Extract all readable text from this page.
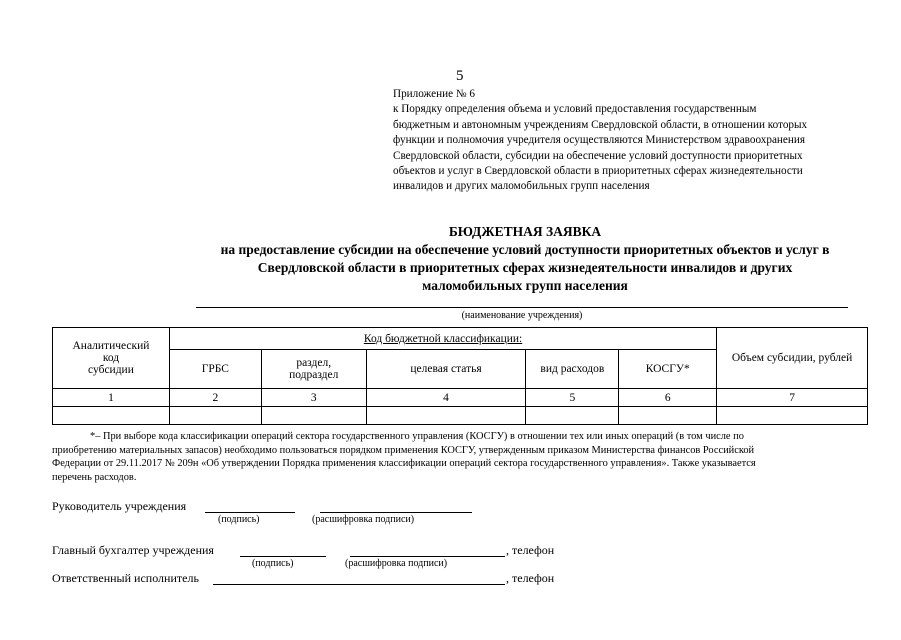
5
Приложение № 6
к Порядку определения объема и условий предоставления государственным
бюджетным и автономным учреждениям Свердловской области, в отношении которых
функции и полномочия учредителя осуществляются Министерством здравоохранения
Свердловской области, субсидии на обеспечение условий доступности приоритетных
объектов и услуг в Свердловской области в приоритетных сферах жизнедеятельности
инвалидов и других маломобильных групп населения
БЮДЖЕТНАЯ ЗАЯВКА
на предоставление субсидии на обеспечение условий доступности приоритетных объектов и услуг в
Свердловской области в приоритетных сферах жизнедеятельности инвалидов и других
маломобильных групп населения
(наименование учреждения)
Аналитический
код
субсидии	Код бюджетной классификации:					Объем субсидии, рублей
	ГРБС	раздел,
подраздел	целевая статья	вид расходов	КОСГУ*	
1	2	3	4	5	6	7

*– При выборе кода классификации операций сектора государственного управления (КОСГУ) в отношении тех или иных операций (в том числе по
приобретению материальных запасов) необходимо пользоваться порядком применения КОСГУ, утвержденным приказом Министерства финансов Российской
Федерации от 29.11.2017 № 209н «Об утверждении Порядка применения классификации операций сектора государственного управления». Также указывается
перечень расходов.
Руководитель учреждения
(подпись)	(расшифровка подписи)
Главный бухгалтер учреждения	, телефон
(подпись)	(расшифровка подписи)
Ответственный исполнитель	, телефон
